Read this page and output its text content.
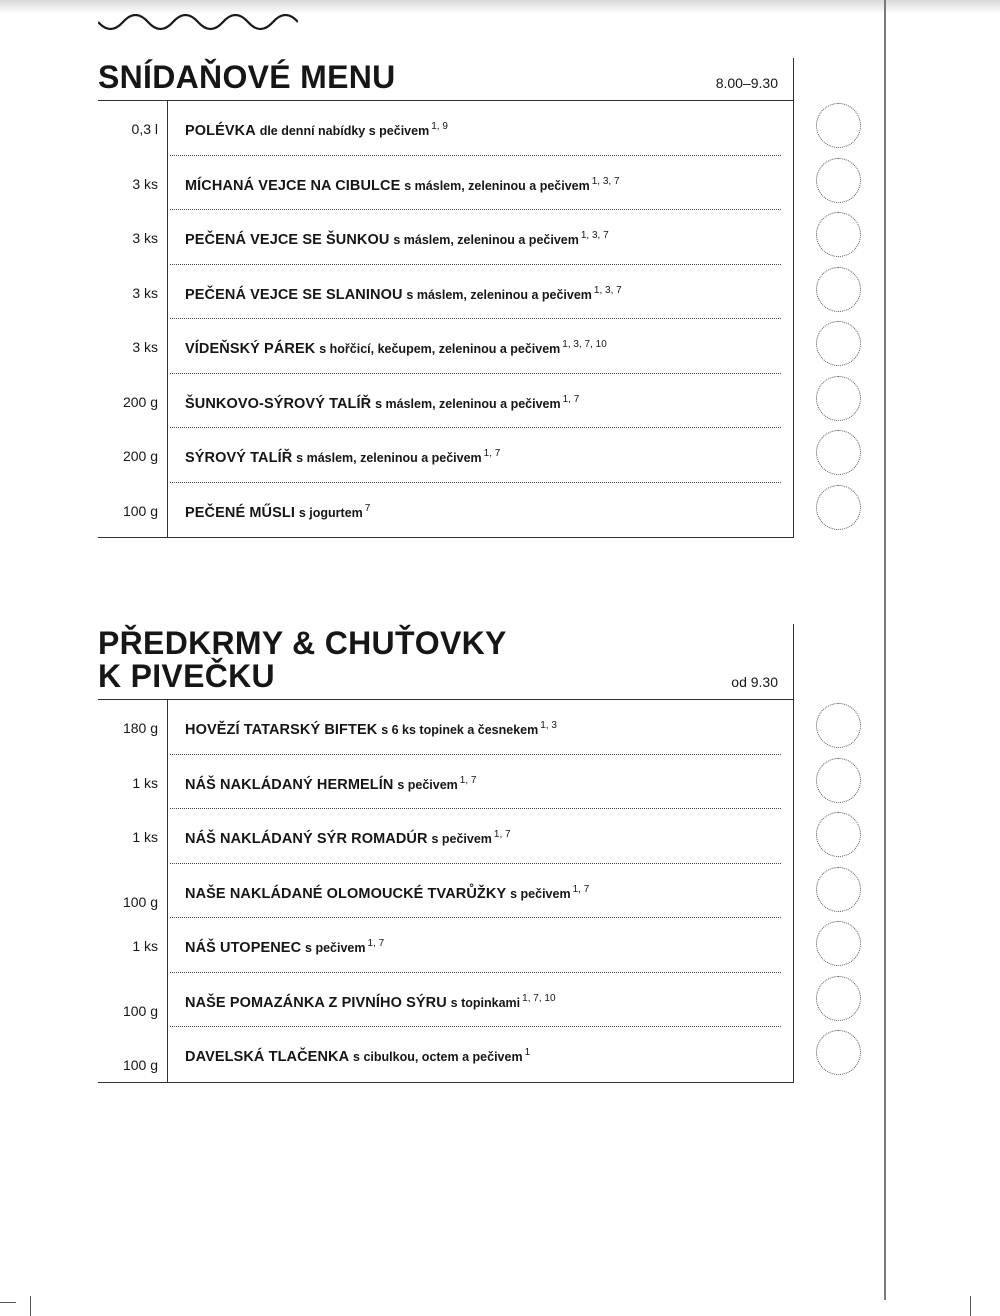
SNÍDAŇOVÉ MENU	8.00–9.30
0,3 l POLÉVKA dle denní nabídky s pečivem $^{1, 9}$
3 ks MÍCHANÁ VEJCE NA CIBULCE s máslem, zeleninou a pečivem $^{1, 3, 7}$
3 ks PEČENÁ VEJCE SE ŠUNKOU s máslem, zeleninou a pečivem $^{1, 3, 7}$
3 ks PEČENÁ VEJCE SE SLANINOU s máslem, zeleninou a pečivem $^{1, 3, 7}$
3 ks VÍDEŇSKÝ PÁREK s hořčicí, kečupem, zeleninou a pečivem $^{1, 3, 7, 10}$
200 g ŠUNKOVO-SÝROVÝ TALÍŘ s máslem, zeleninou a pečivem $^{1, 7}$
200 g SÝROVÝ TALÍŘ s máslem, zeleninou a pečivem $^{1, 7}$
100 g PEČENÉ MŰSLI s jogurtem $^7$
PŘEDKRMY & CHUŤOVKY
K PIVEČKU	od 9.30
180 g HOVĚZÍ TATARSKÝ BIFTEK s 6 ks topinek a česnekem $^{1, 3}$
1 ks NÁŠ NAKLÁDANÝ HERMELÍN s pečivem $^{1, 7}$
1 ks NÁŠ NAKLÁDANÝ SÝR ROMADÚR s pečivem $^{1, 7}$
100 g NAŠE NAKLÁDANÉ OLOMOUCKÉ TVARŮŽKY s pečivem $^{1, 7}$
1 ks NÁŠ UTOPENEC s pečivem $^{1, 7}$
100 g NAŠE POMAZÁNKA Z PIVNÍHO SÝRU s topinkami $^{1, 7, 10}$
100 g DAVELSKÁ TLAČENKA s cibulkou, octem a pečivem $^1$
